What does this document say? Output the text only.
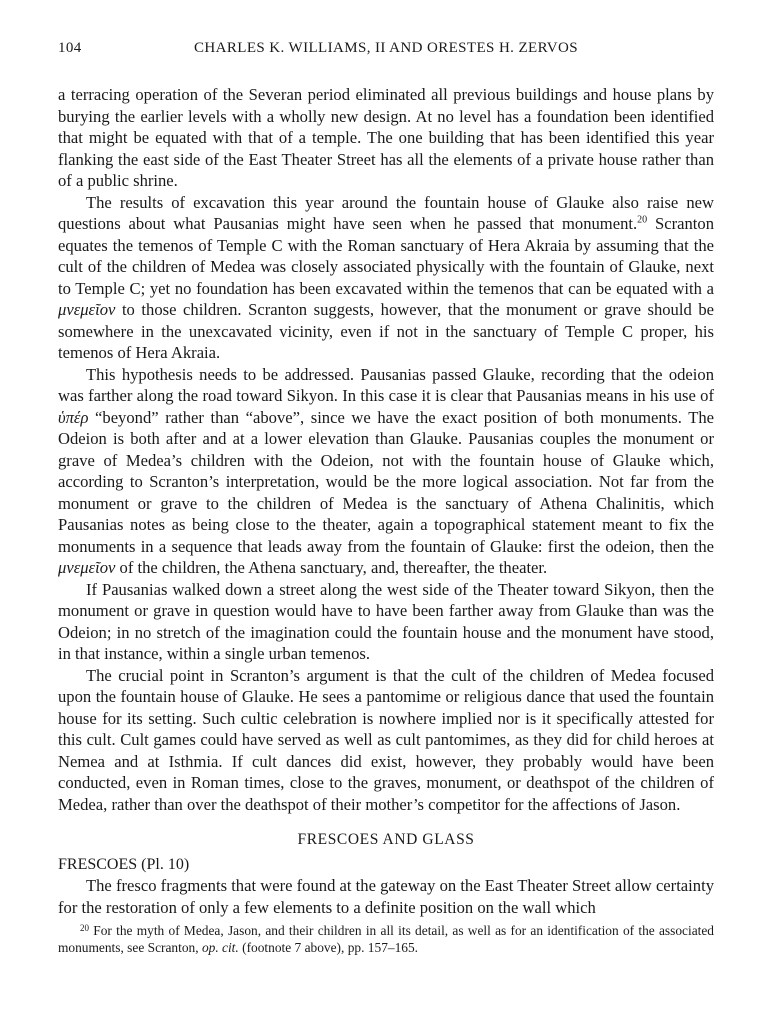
104	CHARLES K. WILLIAMS, II AND ORESTES H. ZERVOS

a terracing operation of the Severan period eliminated all previous buildings and house plans by burying the earlier levels with a wholly new design. At no level has a foundation been identified that might be equated with that of a temple. The one building that has been identified this year flanking the east side of the East Theater Street has all the elements of a private house rather than of a public shrine.

The results of excavation this year around the fountain house of Glauke also raise new questions about what Pausanias might have seen when he passed that monument.$^{20}$ Scranton equates the temenos of Temple C with the Roman sanctuary of Hera Akraia by assuming that the cult of the children of Medea was closely associated physically with the fountain of Glauke, next to Temple C; yet no foundation has been excavated within the temenos that can be equated with a μνεμεῖον to those children. Scranton suggests, however, that the monument or grave should be somewhere in the unexcavated vicinity, even if not in the sanctuary of Temple C proper, his temenos of Hera Akraia.

This hypothesis needs to be addressed. Pausanias passed Glauke, recording that the odeion was farther along the road toward Sikyon. In this case it is clear that Pausanias means in his use of ὑπέρ “beyond” rather than “above”, since we have the exact position of both monuments. The Odeion is both after and at a lower elevation than Glauke. Pausanias couples the monument or grave of Medea’s children with the Odeion, not with the fountain house of Glauke which, according to Scranton’s interpretation, would be the more logical association. Not far from the monument or grave to the children of Medea is the sanctuary of Athena Chalinitis, which Pausanias notes as being close to the theater, again a topographical statement meant to fix the monuments in a sequence that leads away from the fountain of Glauke: first the odeion, then the μνεμεῖον of the children, the Athena sanctuary, and, thereafter, the theater.

If Pausanias walked down a street along the west side of the Theater toward Sikyon, then the monument or grave in question would have to have been farther away from Glauke than was the Odeion; in no stretch of the imagination could the fountain house and the monument have stood, in that instance, within a single urban temenos.

The crucial point in Scranton’s argument is that the cult of the children of Medea focused upon the fountain house of Glauke. He sees a pantomime or religious dance that used the fountain house for its setting. Such cultic celebration is nowhere implied nor is it specifically attested for this cult. Cult games could have served as well as cult pantomimes, as they did for child heroes at Nemea and at Isthmia. If cult dances did exist, however, they probably would have been conducted, even in Roman times, close to the graves, monument, or deathspot of the children of Medea, rather than over the deathspot of their mother’s competitor for the affections of Jason.

FRESCOES AND GLASS
FRESCOES (Pl. 10)

The fresco fragments that were found at the gateway on the East Theater Street allow certainty for the restoration of only a few elements to a definite position on the wall which

$^{20}$ For the myth of Medea, Jason, and their children in all its detail, as well as for an identification of the associated monuments, see Scranton, op. cit. (footnote 7 above), pp. 157–165.
